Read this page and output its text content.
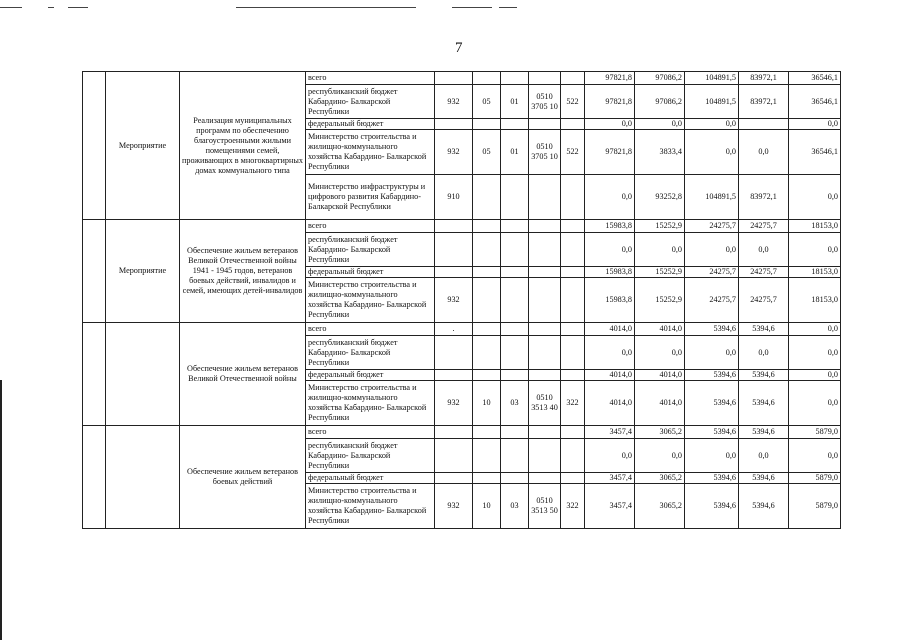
7
	Мероприятие	Реализация муниципальных программ по обеспечению благоустроенными жилыми помещениями семей, проживающих в многоквартирных домах коммунального типа	всего						97821,8	97086,2	104891,5	83972,1	36546,1
			республиканский бюджет Кабардино- Балкарской Республики	932	05	01	0510 3705 10	522	97821,8	97086,2	104891,5	83972,1	36546,1
			федеральный бюджет						0,0	0,0	0,0		0,0
			Министерство строительства и жилищно-коммунального хозяйства Кабардино- Балкарской Республики	932	05	01	0510 3705 10	522	97821,8	3833,4	0,0	0,0	36546,1
			Министерство инфраструктуры и цифрового развития Кабардино- Балкарской Республики	910					0,0	93252,8	104891,5	83972,1	0,0
	Мероприятие	Обеспечение жильем ветеранов Великой Отечественной войны 1941 - 1945 годов, ветеранов боевых действий, инвалидов и семей, имеющих детей-инвалидов	всего						15983,8	15252,9	24275,7	24275,7	18153,0
			республиканский бюджет Кабардино- Балкарской Республики						0,0	0,0	0,0	0,0	0,0
			федеральный бюджет						15983,8	15252,9	24275,7	24275,7	18153,0
			Министерство строительства и жилищно-коммунального хозяйства Кабардино- Балкарской Республики	932					15983,8	15252,9	24275,7	24275,7	18153,0
		Обеспечение жильем ветеранов Великой Отечественной войны	всего	.					4014,0	4014,0	5394,6	5394,6	0,0
			республиканский бюджет Кабардино- Балкарской Республики						0,0	0,0	0,0	0,0	0,0
			федеральный бюджет						4014,0	4014,0	5394,6	5394,6	0,0
			Министерство строительства и жилищно-коммунального хозяйства Кабардино- Балкарской Республики	932	10	03	0510 3513 40	322	4014,0	4014,0	5394,6	5394,6	0,0
		Обеспечение жильем ветеранов боевых действий	всего						3457,4	3065,2	5394,6	5394,6	5879,0
			республиканский бюджет Кабардино- Балкарской Республики						0,0	0,0	0,0	0,0	0,0
			федеральный бюджет						3457,4	3065,2	5394,6	5394,6	5879,0
			Министерство строительства и жилищно-коммунального хозяйства Кабардино- Балкарской Республики	932	10	03	0510 3513 50	322	3457,4	3065,2	5394,6	5394,6	5879,0
